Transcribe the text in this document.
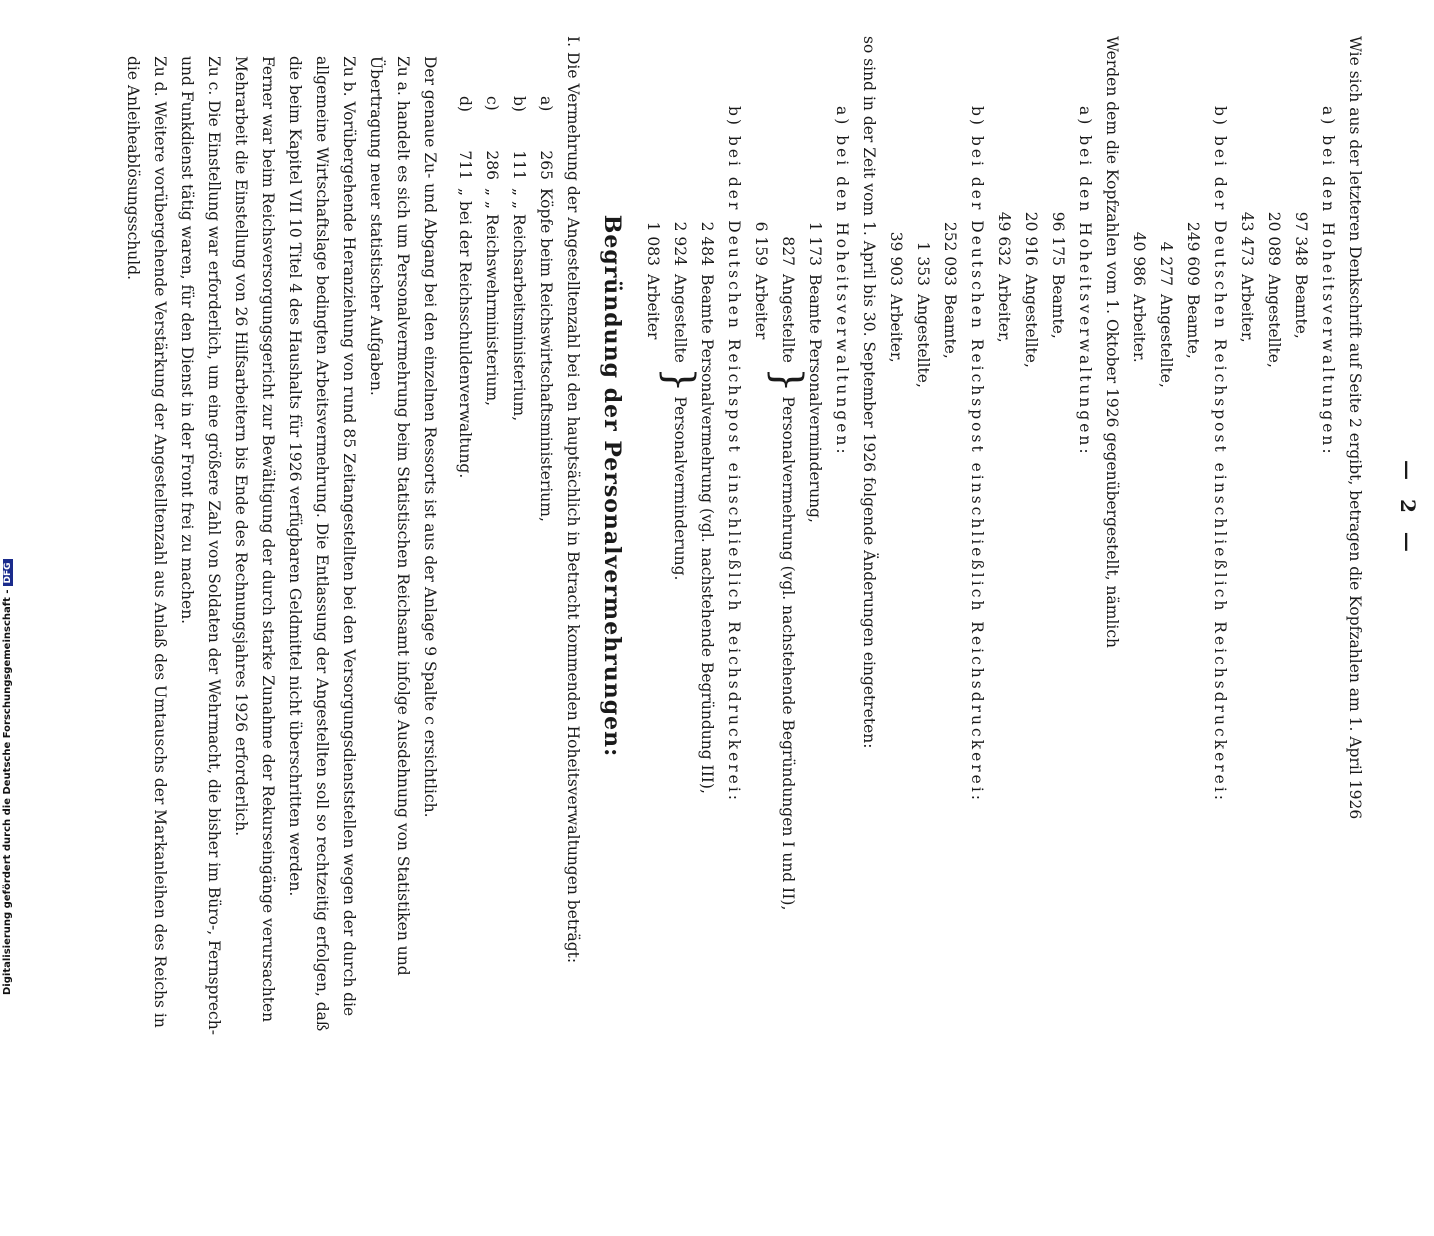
— 2 —
Wie sich aus der letzteren Denkschrift auf Seite 2 ergibt, betragen die Kopfzahlen am 1. April 1926
a) bei den Hoheitsverwaltungen:
97 348Beamte,
20 089Angestellte,
43 473Arbeiter,
b) bei der Deutschen Reichspost einschließlich Reichsdruckerei:
249 609Beamte,
4 277Angestellte,
40 986Arbeiter.
Werden dem die Kopfzahlen vom 1. Oktober 1926 gegenübergestellt, nämlich
a) bei den Hoheitsverwaltungen:
96 175Beamte,
20 916Angestellte,
49 632Arbeiter,
b) bei der Deutschen Reichspost einschließlich Reichsdruckerei:
252 093Beamte,
1 353Angestellte,
39 903Arbeiter,
so sind in der Zeit vom 1. April bis 30. September 1926 folgende Änderungen eingetreten:
a) bei den Hoheitsverwaltungen:
1 173Beamte Personalverminderung,
827Angestellte}Personalvermehrung (vgl. nachstehende Begründungen I und II),
6 159Arbeiter
b) bei der Deutschen Reichspost einschließlich Reichsdruckerei:
2 484Beamte Personalvermehrung (vgl. nachstehende Begründung III),
2 924Angestellte}Personalverminderung.
1 083Arbeiter
Begründung der Personalvermehrungen:
I. Die Vermehrung der Angestelltenzahl bei den hauptsächlich in Betracht kommenden Hoheitsverwaltungen beträgt:
a)265Köpfe beim Reichswirtschaftsministerium,
b)111„ „ Reichsarbeitsministerium,
c)286„ „ Reichswehrministerium,
d)711„ bei der Reichsschuldenverwaltung.
Der genaue Zu- und Abgang bei den einzelnen Ressorts ist aus der Anlage 9 Spalte c ersichtlich.
Zu a. handelt es sich um Personalvermehrung beim Statistischen Reichsamt infolge Ausdehnung von Statistiken und Übertragung neuer statistischer Aufgaben.
Zu b. Vorübergehende Heranziehung von rund 85 Zeitangestellten bei den Versorgungsdienststellen wegen der durch die allgemeine Wirtschaftslage bedingten Arbeitsvermehrung. Die Entlassung der Angestellten soll so rechtzeitig erfolgen, daß die beim Kapitel VII 10 Titel 4 des Haushalts für 1926 verfügbaren Geldmittel nicht überschritten werden.
Ferner war beim Reichsversorgungsgericht zur Bewältigung der durch starke Zunahme der Rekurseingänge verursachten Mehrarbeit die Einstellung von 26 Hilfsarbeitern bis Ende des Rechnungsjahres 1926 erforderlich.
Zu c. Die Einstellung war erforderlich, um eine größere Zahl von Soldaten der Wehrmacht, die bisher im Büro-, Fernsprech- und Funkdienst tätig waren, für den Dienst in der Front frei zu machen.
Zu d. Weitere vorübergehende Verstärkung der Angestelltenzahl aus Anlaß des Umtauschs der Markanleihen des Reichs in die Anleiheablösungsschuld.
Digitalisierung gefördert durch die Deutsche Forschungsgemeinschaft -DFG
